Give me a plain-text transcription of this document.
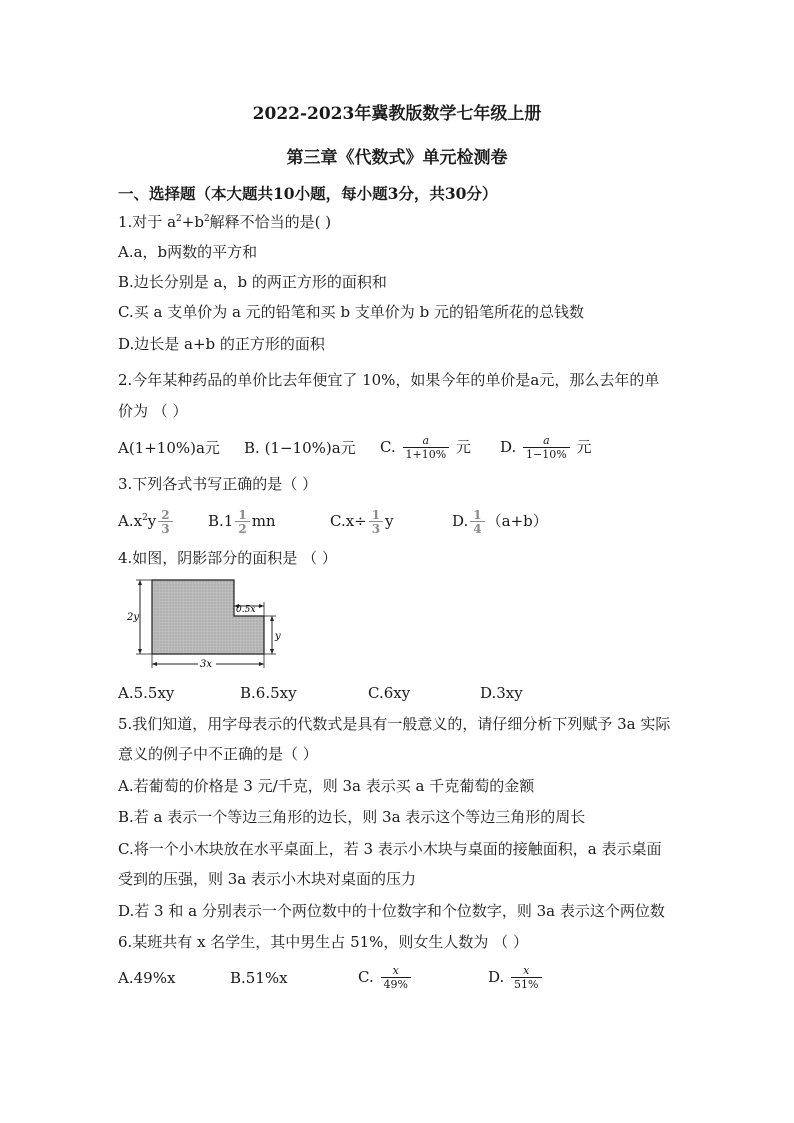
2022-2023年冀教版数学七年级上册
第三章《代数式》单元检测卷
一、选择题（本大题共10小题，每小题3分，共30分）
1.对于 $a^2+b^2$解释不恰当的是( )
A.a，b两数的平方和
B.边长分别是 a，b 的两正方形的面积和
C.买 a 支单价为 a 元的铅笔和买 b 支单价为 b 元的铅笔所花的总钱数
D.边长是 a+b 的正方形的面积
2.今年某种药品的单价比去年便宜了 10%，如果今年的单价是a元，那么去年的单
价为 （ ）
A(1+10%)a元 B. (1−10%)a元 C. $\frac{a}{1+10\%}$ 元 D. $\frac{a}{1-10\%}$ 元
3.下列各式书写正确的是（ ）
$A.x^2y \frac{2}{3} B.1 \frac{1}{2}$ mn	$C.x\div \frac{1}{3}$ y	D. $\frac{1}{4} (a+b)$
4.如图，阴影部分的面积是 （ ）
2y
0.5x
y
3x
A.5.5xy	B.6.5xy	C.6xy	D.3xy
5.我们知道，用字母表示的代数式是具有一般意义的，请仔细分析下列赋予 3a 实际
意义的例子中不正确的是（ ）
A.若葡萄的价格是 3 元/千克，则 3a 表示买 a 千克葡萄的金额
B.若 a 表示一个等边三角形的边长，则 3a 表示这个等边三角形的周长
C.将一个小木块放在水平桌面上，若 3 表示小木块与桌面的接触面积，a 表示桌面
受到的压强，则 3a 表示小木块对桌面的压力
D.若 3 和 a 分别表示一个两位数中的十位数字和个位数字，则 3a 表示这个两位数
6.某班共有 x 名学生，其中男生占 51%，则女生人数为 （ ）
A.49%x	B.51%x	C. $\frac{x}{49\%}$	D. $\frac{x}{51\%}$
